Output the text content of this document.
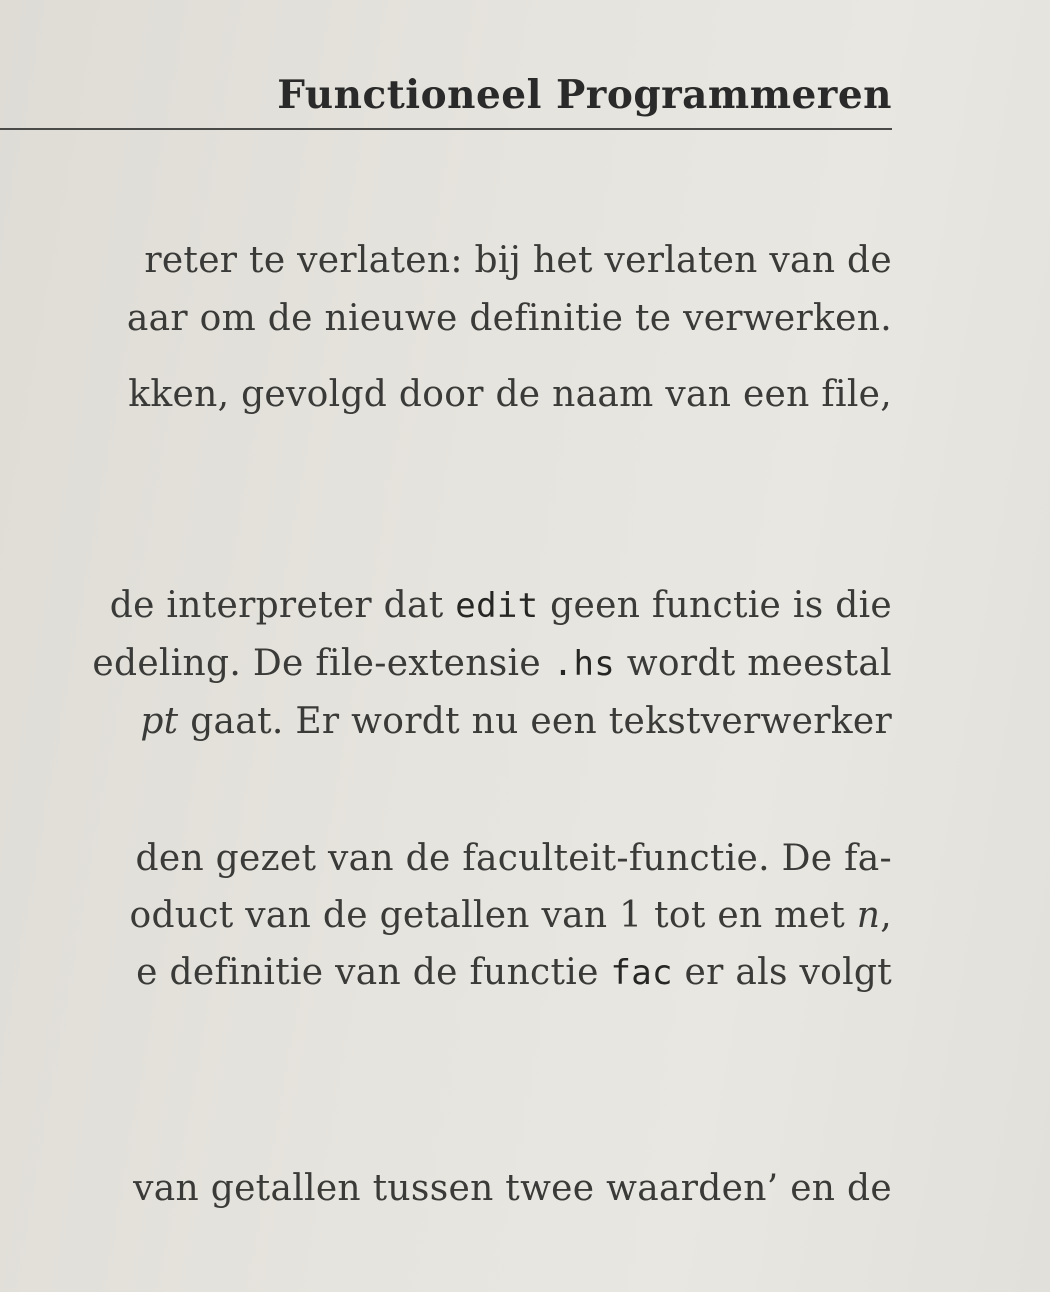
Functioneel Programmeren
reter te verlaten: bij het verlaten van de
aar om de nieuwe definitie te verwerken.
kken, gevolgd door de naam van een file,
de interpreter dat edit geen functie is die
edeling. De file-extensie .hs wordt meestal
pt gaat. Er wordt nu een tekstverwerker
den gezet van de faculteit-functie. De fa-
oduct van de getallen van 1 tot en met n,
e definitie van de functie fac er als volgt
van getallen tussen twee waarden’ en de
